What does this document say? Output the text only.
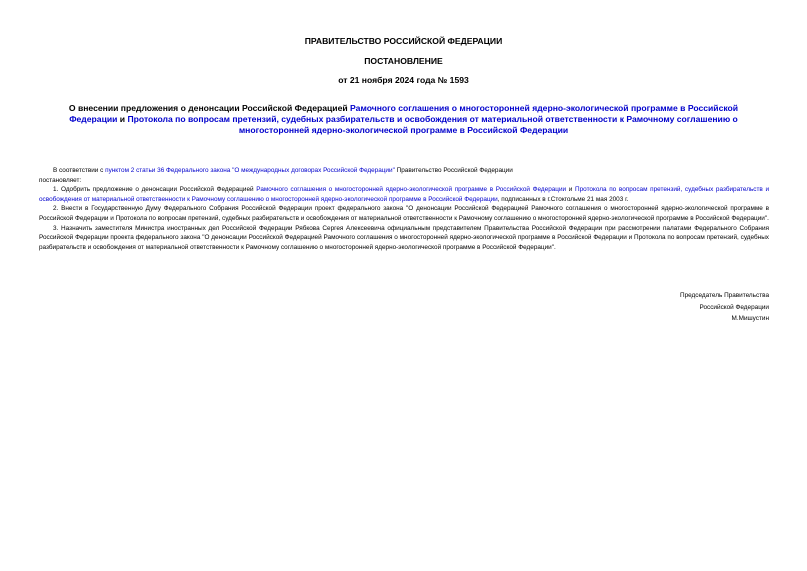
ПРАВИТЕЛЬСТВО РОССИЙСКОЙ ФЕДЕРАЦИИ
ПОСТАНОВЛЕНИЕ
от 21 ноября 2024 года № 1593
О внесении предложения о денонсации Российской Федерацией Рамочного соглашения о многосторонней ядерно-экологической программе в Российской Федерации и Протокола по вопросам претензий, судебных разбирательств и освобождения от материальной ответственности к Рамочному соглашению о многосторонней ядерно-экологической программе в Российской Федерации

В соответствии с пунктом 2 статьи 36 Федерального закона "О международных договорах Российской Федерации" Правительство Российской Федерации

постановляет:

1. Одобрить предложение о денонсации Российской Федерацией Рамочного соглашения о многосторонней ядерно-экологической программе в Российской Федерации и Протокола по вопросам претензий, судебных разбирательств и освобождения от материальной ответственности к Рамочному соглашению о многосторонней ядерно-экологической программе в Российской Федерации, подписанных в г.Стокгольме 21 мая 2003 г.

2. Внести в Государственную Думу Федерального Собрания Российской Федерации проект федерального закона "О денонсации Российской Федерацией Рамочного соглашения о многосторонней ядерно-экологической программе в Российской Федерации и Протокола по вопросам претензий, судебных разбирательств и освобождения от материальной ответственности к Рамочному соглашению о многосторонней ядерно-экологической программе в Российской Федерации".

3. Назначить заместителя Министра иностранных дел Российской Федерации Рябкова Сергея Алексеевича официальным представителем Правительства Российской Федерации при рассмотрении палатами Федерального Собрания Российской Федерации проекта федерального закона "О денонсации Российской Федерацией Рамочного соглашения о многосторонней ядерно-экологической программе в Российской Федерации и Протокола по вопросам претензий, судебных разбирательств и освобождения от материальной ответственности к Рамочному соглашению о многосторонней ядерно-экологической программе в Российской Федерации".

Председатель Правительства
Российской Федерации
М.Мишустин
